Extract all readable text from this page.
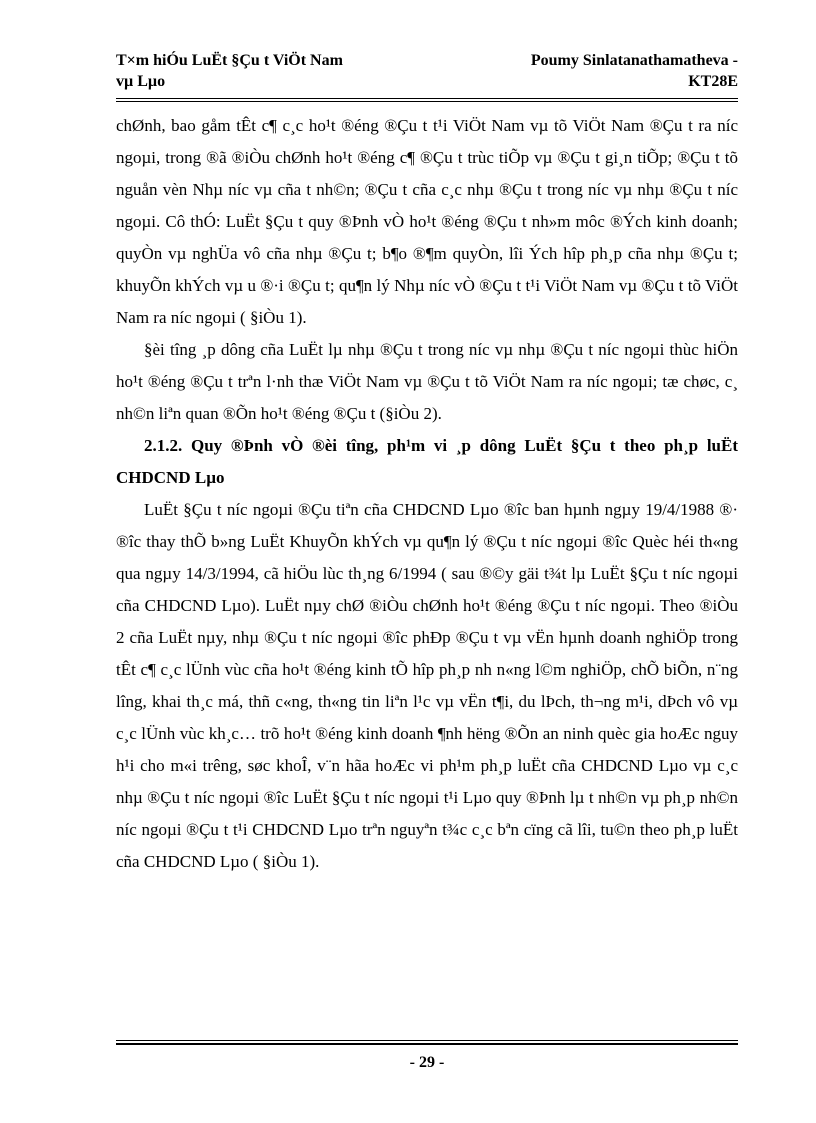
T×m hiÓu LuËt §Çu t ViÖt Nam
vµ Lµo
Poumy Sinlatanathamatheva -
KT28E

chØnh, bao gåm tÊt c¶ c¸c ho¹t ®éng ®Çu t t¹i ViÖt Nam vµ tõ ViÖt Nam ®Çu t ra níc ngoµi, trong ®ã ®iÒu chØnh ho¹t ®éng c¶ ®Çu t trùc tiÕp vµ ®Çu t gi¸n tiÕp; ®Çu t tõ nguån vèn Nhµ níc vµ cña t nh©n; ®Çu t cña c¸c nhµ ®Çu t trong níc vµ nhµ ®Çu t níc ngoµi. Cô thÓ: LuËt §Çu t quy ®Þnh vÒ ho¹t ®éng ®Çu t nh»m môc ®Ých kinh doanh; quyÒn vµ nghÜa vô cña nhµ ®Çu t; b¶o ®¶m quyÒn, lîi Ých hîp ph¸p cña nhµ ®Çu t; khuyÕn khÝch vµ u ®·i ®Çu t; qu¶n lý Nhµ níc vÒ ®Çu t t¹i ViÖt Nam vµ ®Çu t tõ ViÖt Nam ra níc ngoµi ( §iÒu 1).

§èi tîng ¸p dông cña LuËt lµ nhµ ®Çu t trong níc vµ nhµ ®Çu t níc ngoµi thùc hiÖn ho¹t ®éng ®Çu t trªn l·nh thæ ViÖt Nam vµ ®Çu t tõ ViÖt Nam ra níc ngoµi; tæ chøc, c¸ nh©n liªn quan ®Õn ho¹t ®éng ®Çu t (§iÒu 2).

2.1.2. Quy ®Þnh vÒ ®èi tîng, ph¹m vi ¸p dông LuËt §Çu t theo ph¸p luËt CHDCND Lµo

LuËt §Çu t níc ngoµi ®Çu tiªn cña CHDCND Lµo ®îc ban hµnh ngµy 19/4/1988 ®· ®îc thay thÕ b»ng LuËt KhuyÕn khÝch vµ qu¶n lý ®Çu t níc ngoµi ®îc Quèc héi th«ng qua ngµy 14/3/1994, cã hiÖu lùc th¸ng 6/1994 ( sau ®©y gäi t¾t lµ LuËt §Çu t níc ngoµi cña CHDCND Lµo). LuËt nµy chØ ®iÒu chØnh ho¹t ®éng ®Çu t níc ngoµi. Theo ®iÒu 2 cña LuËt nµy, nhµ ®Çu t níc ngoµi ®îc phÐp ®Çu t vµ vËn hµnh doanh nghiÖp trong tÊt c¶ c¸c lÜnh vùc cña ho¹t ®éng kinh tÕ hîp ph¸p nh n«ng l©m nghiÖp, chÕ biÕn, n¨ng lîng, khai th¸c má, thñ c«ng, th«ng tin liªn l¹c vµ vËn t¶i, du lÞch, th¬ng m¹i, dÞch vô vµ c¸c lÜnh vùc kh¸c… trõ ho¹t ®éng kinh doanh ¶nh hëng ®Õn an ninh quèc gia hoÆc nguy h¹i cho m«i trêng, søc khoÎ, v¨n hãa hoÆc vi ph¹m ph¸p luËt cña CHDCND Lµo vµ c¸c nhµ ®Çu t níc ngoµi ®îc LuËt §Çu t níc ngoµi t¹i Lµo quy ®Þnh lµ t nh©n vµ ph¸p nh©n níc ngoµi ®Çu t t¹i CHDCND Lµo trªn nguyªn t¾c c¸c bªn cïng cã lîi, tu©n theo ph¸p luËt cña CHDCND Lµo ( §iÒu 1).

- 29 -
